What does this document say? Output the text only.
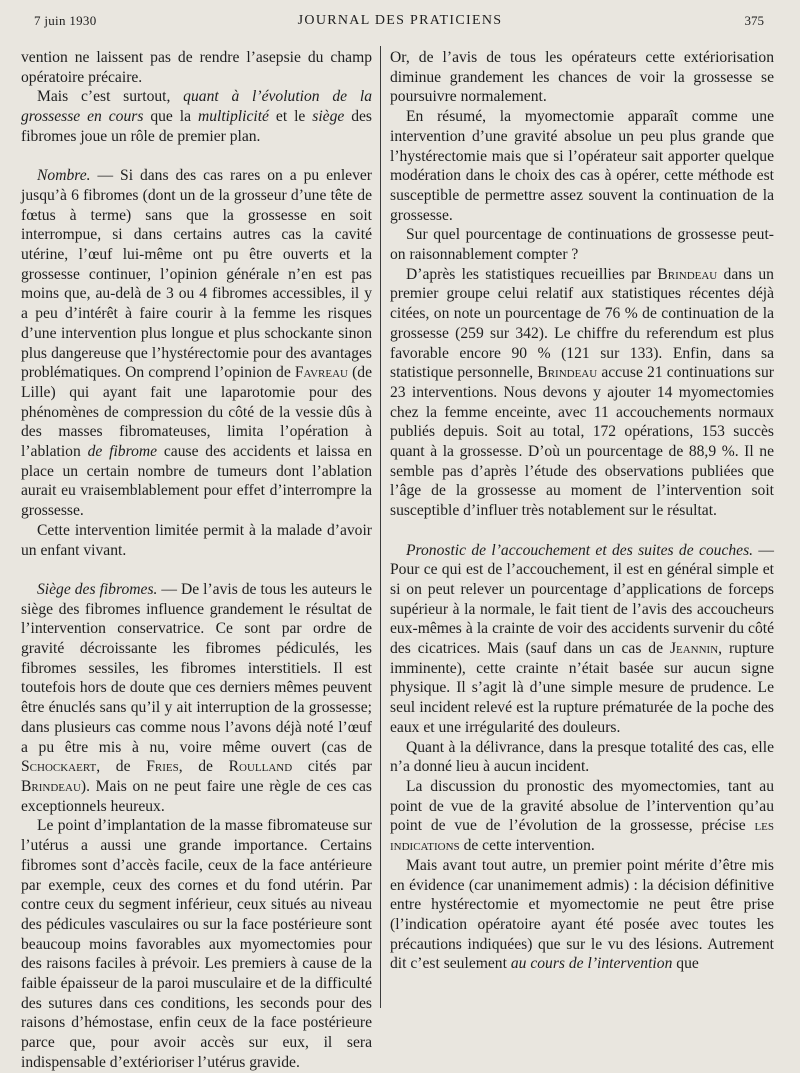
7 juin 1930	JOURNAL DES PRATICIENS	375

vention ne laissent pas de rendre l’asepsie du champ opératoire précaire.

Mais c’est surtout, quant à l’évolution de la grossesse en cours que la multiplicité et le siège des fibromes joue un rôle de premier plan.

Nombre. — Si dans des cas rares on a pu enlever jusqu’à 6 fibromes (dont un de la grosseur d’une tête de fœtus à terme) sans que la grossesse en soit interrompue, si dans certains autres cas la cavité utérine, l’œuf lui-même ont pu être ouverts et la grossesse continuer, l’opinion générale n’en est pas moins que, au-delà de 3 ou 4 fibromes accessibles, il y a peu d’intérêt à faire courir à la femme les risques d’une intervention plus longue et plus schockante sinon plus dangereuse que l’hystérectomie pour des avantages problématiques. On comprend l’opinion de Favreau (de Lille) qui ayant fait une laparotomie pour des phénomènes de compression du côté de la vessie dûs à des masses fibromateuses, limita l’opération à l’ablation de fibrome cause des accidents et laissa en place un certain nombre de tumeurs dont l’ablation aurait eu vraisemblablement pour effet d’interrompre la grossesse.

Cette intervention limitée permit à la malade d’avoir un enfant vivant.

Siège des fibromes. — De l’avis de tous les auteurs le siège des fibromes influence grandement le résultat de l’intervention conservatrice. Ce sont par ordre de gravité décroissante les fibromes pédiculés, les fibromes sessiles, les fibromes interstitiels. Il est toutefois hors de doute que ces derniers mêmes peuvent être énuclés sans qu’il y ait interruption de la grossesse; dans plusieurs cas comme nous l’avons déjà noté l’œuf a pu être mis à nu, voire même ouvert (cas de Schockaert, de Fries, de Roulland cités par Brindeau). Mais on ne peut faire une règle de ces cas exceptionnels heureux.

Le point d’implantation de la masse fibromateuse sur l’utérus a aussi une grande importance. Certains fibromes sont d’accès facile, ceux de la face antérieure par exemple, ceux des cornes et du fond utérin. Par contre ceux du segment inférieur, ceux situés au niveau des pédicules vasculaires ou sur la face postérieure sont beaucoup moins favorables aux myomectomies pour des raisons faciles à prévoir. Les premiers à cause de la faible épaisseur de la paroi musculaire et de la difficulté des sutures dans ces conditions, les seconds pour des raisons d’hémostase, enfin ceux de la face postérieure parce que, pour avoir accès sur eux, il sera indispensable d’extérioriser l’utérus gravide.

Or, de l’avis de tous les opérateurs cette extériorisation diminue grandement les chances de voir la grossesse se poursuivre normalement.

En résumé, la myomectomie apparaît comme une intervention d’une gravité absolue un peu plus grande que l’hystérectomie mais que si l’opérateur sait apporter quelque modération dans le choix des cas à opérer, cette méthode est susceptible de permettre assez souvent la continuation de la grossesse.

Sur quel pourcentage de continuations de grossesse peut-on raisonnablement compter ?

D’après les statistiques recueillies par Brindeau dans un premier groupe celui relatif aux statistiques récentes déjà citées, on note un pourcentage de 76 % de continuation de la grossesse (259 sur 342). Le chiffre du referendum est plus favorable encore 90 % (121 sur 133). Enfin, dans sa statistique personnelle, Brindeau accuse 21 continuations sur 23 interventions. Nous devons y ajouter 14 myomectomies chez la femme enceinte, avec 11 accouchements normaux publiés depuis. Soit au total, 172 opérations, 153 succès quant à la grossesse. D’où un pourcentage de 88,9 %. Il ne semble pas d’après l’étude des observations publiées que l’âge de la grossesse au moment de l’intervention soit susceptible d’influer très notablement sur le résultat.

Pronostic de l’accouchement et des suites de couches. — Pour ce qui est de l’accouchement, il est en général simple et si on peut relever un pourcentage d’applications de forceps supérieur à la normale, le fait tient de l’avis des accoucheurs eux-mêmes à la crainte de voir des accidents survenir du côté des cicatrices. Mais (sauf dans un cas de Jeannin, rupture imminente), cette crainte n’était basée sur aucun signe physique. Il s’agit là d’une simple mesure de prudence. Le seul incident relevé est la rupture prématurée de la poche des eaux et une irrégularité des douleurs.

Quant à la délivrance, dans la presque totalité des cas, elle n’a donné lieu à aucun incident.

La discussion du pronostic des myomectomies, tant au point de vue de la gravité absolue de l’intervention qu’au point de vue de l’évolution de la grossesse, précise les indications de cette intervention.

Mais avant tout autre, un premier point mérite d’être mis en évidence (car unanimement admis) : la décision définitive entre hystérectomie et myomectomie ne peut être prise (l’indication opératoire ayant été posée avec toutes les précautions indiquées) que sur le vu des lésions. Autrement dit c’est seulement au cours de l’intervention que
